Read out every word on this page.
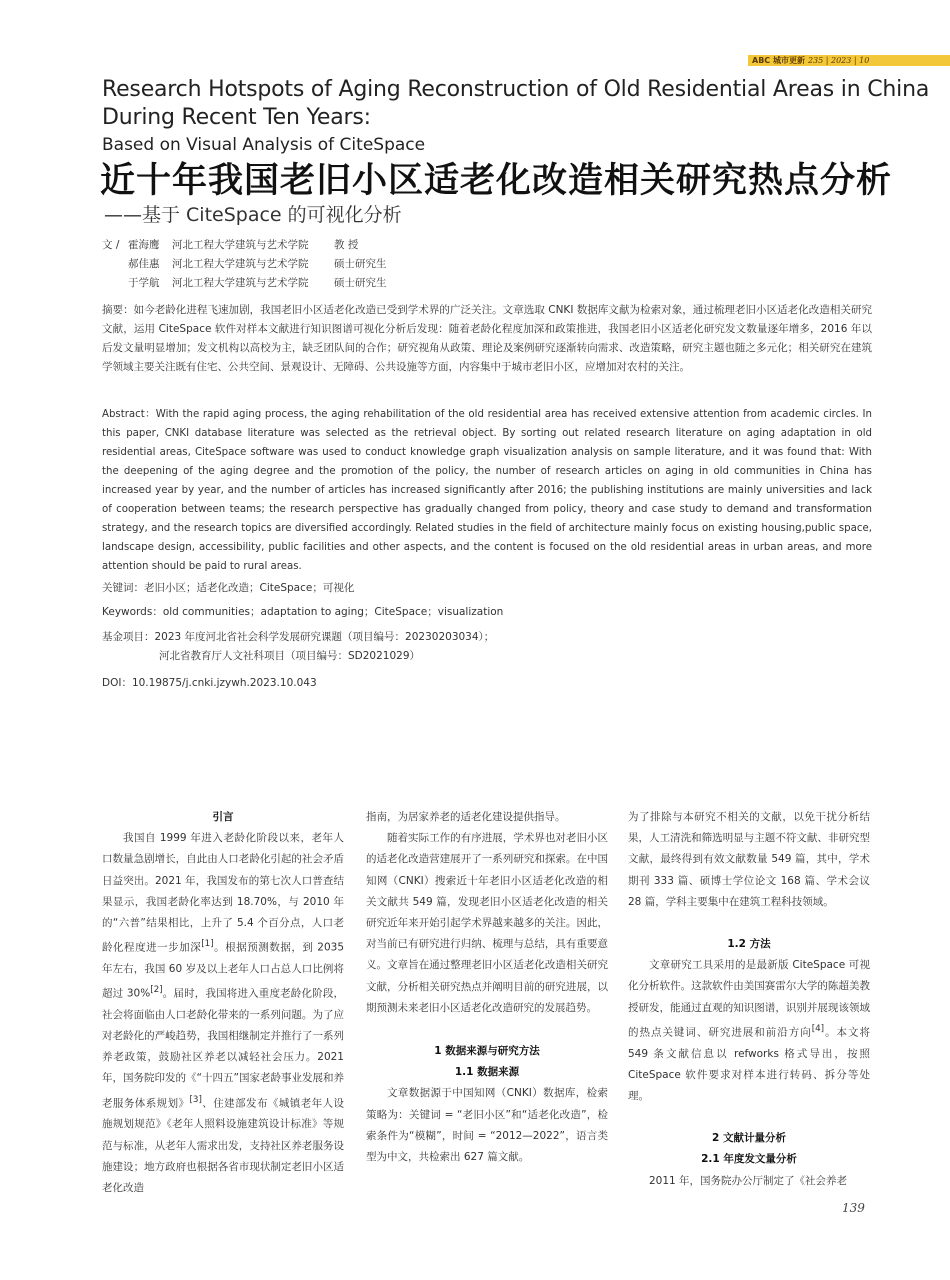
ABC 城市更新 235 | 2023 | 10
Research Hotspots of Aging Reconstruction of Old Residential Areas in China
During Recent Ten Years:
Based on Visual Analysis of CiteSpace
近十年我国老旧小区适老化改造相关研究热点分析
——基于 CiteSpace 的可视化分析
文 / 霍海鹰	河北工程大学建筑与艺术学院	教 授
郝佳惠	河北工程大学建筑与艺术学院	硕士研究生
于学航	河北工程大学建筑与艺术学院	硕士研究生
摘要：如今老龄化进程飞速加剧，我国老旧小区适老化改造已受到学术界的广泛关注。文章选取 CNKI 数据库文献为检索对象，通过梳理老旧小区适老化改造相关研究文献，运用 CiteSpace 软件对样本文献进行知识图谱可视化分析后发现：随着老龄化程度加深和政策推进，我国老旧小区适老化研究发文数量逐年增多，2016 年以后发文量明显增加；发文机构以高校为主，缺乏团队间的合作；研究视角从政策、理论及案例研究逐渐转向需求、改造策略，研究主题也随之多元化；相关研究在建筑学领域主要关注既有住宅、公共空间、景观设计、无障碍、公共设施等方面，内容集中于城市老旧小区，应增加对农村的关注。
Abstract：With the rapid aging process, the aging rehabilitation of the old residential area has received extensive attention from academic circles. In this paper, CNKI database literature was selected as the retrieval object. By sorting out related research literature on aging adaptation in old residential areas, CiteSpace software was used to conduct knowledge graph visualization analysis on sample literature, and it was found that: With the deepening of the aging degree and the promotion of the policy, the number of research articles on aging in old communities in China has increased year by year, and the number of articles has increased significantly after 2016; the publishing institutions are mainly universities and lack of cooperation between teams; the research perspective has gradually changed from policy, theory and case study to demand and transformation strategy, and the research topics are diversified accordingly. Related studies in the field of architecture mainly focus on existing housing,public space, landscape design, accessibility, public facilities and other aspects, and the content is focused on the old residential areas in urban areas, and more attention should be paid to rural areas.
关键词：老旧小区；适老化改造；CiteSpace；可视化
Keywords：old communities；adaptation to aging；CiteSpace；visualization
基金项目：2023 年度河北省社会科学发展研究课题（项目编号：20230203034）；
河北省教育厅人文社科项目（项目编号：SD2021029）
DOI：10.19875/j.cnki.jzywh.2023.10.043
引言

我国自 1999 年进入老龄化阶段以来，老年人口数量急剧增长，自此由人口老龄化引起的社会矛盾日益突出。2021 年，我国发布的第七次人口普查结果显示，我国老龄化率达到 18.70%，与 2010 年的“六普”结果相比，上升了 5.4 个百分点，人口老龄化程度进一步加深[1]。根据预测数据，到 2035 年左右，我国 60 岁及以上老年人口占总人口比例将超过 30%[2]。届时，我国将进入重度老龄化阶段，社会将面临由人口老龄化带来的一系列问题。为了应对老龄化的严峻趋势，我国相继制定并推行了一系列养老政策，鼓励社区养老以减轻社会压力。2021 年，国务院印发的《“十四五”国家老龄事业发展和养老服务体系规划》[3]、住建部发布《城镇老年人设施规划规范》《老年人照料设施建筑设计标准》等规范与标准，从老年人需求出发，支持社区养老服务设施建设；地方政府也根据各省市现状制定老旧小区适老化改造

指南，为居家养老的适老化建设提供指导。

随着实际工作的有序进展，学术界也对老旧小区的适老化改造营建展开了一系列研究和探索。在中国知网（CNKI）搜索近十年老旧小区适老化改造的相关文献共 549 篇，发现老旧小区适老化改造的相关研究近年来开始引起学术界越来越多的关注。因此，对当前已有研究进行归纳、梳理与总结，具有重要意义。文章旨在通过整理老旧小区适老化改造相关研究文献，分析相关研究热点并阐明目前的研究进展，以期预测未来老旧小区适老化改造研究的发展趋势。

1 数据来源与研究方法
1.1 数据来源

文章数据源于中国知网（CNKI）数据库，检索策略为：关键词 = “老旧小区”和“适老化改造”，检索条件为“模糊”，时间 = “2012—2022”，语言类型为中文，共检索出 627 篇文献。

为了排除与本研究不相关的文献，以免干扰分析结果，人工清洗和筛选明显与主题不符文献、非研究型文献，最终得到有效文献数量 549 篇，其中，学术期刊 333 篇、硕博士学位论文 168 篇、学术会议 28 篇，学科主要集中在建筑工程科技领域。
1.2 方法

文章研究工具采用的是最新版 CiteSpace 可视化分析软件。这款软件由美国赛雷尔大学的陈超美教授研发，能通过直观的知识图谱，识别并展现该领域的热点关键词、研究进展和前沿方向[4]。本文将 549 条文献信息以 refworks 格式导出，按照 CiteSpace 软件要求对样本进行转码、拆分等处理。

2 文献计量分析
2.1 年度发文量分析

2011 年，国务院办公厅制定了《社会养老

139
